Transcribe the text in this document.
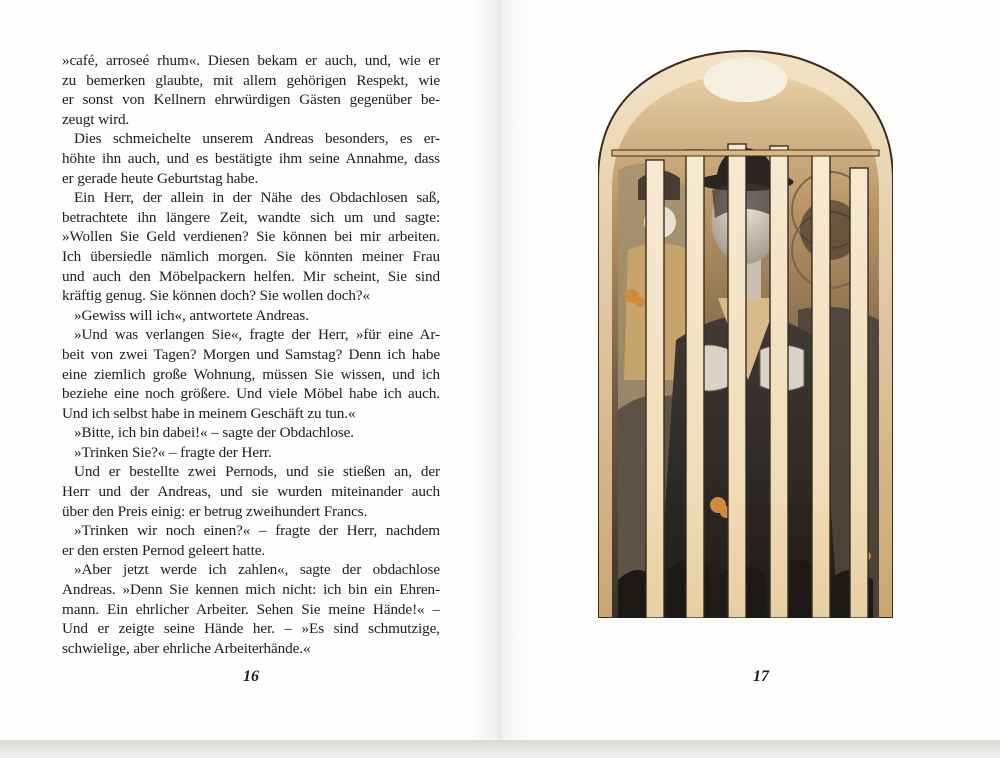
»café, arroseé rhum«. Diesen bekam er auch, und, wie er
zu bemerken glaubte, mit allem gehörigen Respekt, wie
er sonst von Kellnern ehrwürdigen Gästen gegenüber be-
zeugt wird.
Dies schmeichelte unserem Andreas besonders, es er-
höhte ihn auch, und es bestätigte ihm seine Annahme, dass
er gerade heute Geburtstag habe.
Ein Herr, der allein in der Nähe des Obdachlosen saß,
betrachtete ihn längere Zeit, wandte sich um und sagte:
»Wollen Sie Geld verdienen? Sie können bei mir arbeiten.
Ich übersiedle nämlich morgen. Sie könnten meiner Frau
und auch den Möbelpackern helfen. Mir scheint, Sie sind
kräftig genug. Sie können doch? Sie wollen doch?«
»Gewiss will ich«, antwortete Andreas.
»Und was verlangen Sie«, fragte der Herr, »für eine Ar-
beit von zwei Tagen? Morgen und Samstag? Denn ich habe
eine ziemlich große Wohnung, müssen Sie wissen, und ich
beziehe eine noch größere. Und viele Möbel habe ich auch.
Und ich selbst habe in meinem Geschäft zu tun.«
»Bitte, ich bin dabei!« – sagte der Obdachlose.
»Trinken Sie?« – fragte der Herr.
Und er bestellte zwei Pernods, und sie stießen an, der
Herr und der Andreas, und sie wurden miteinander auch
über den Preis einig: er betrug zweihundert Francs.
»Trinken wir noch einen?« – fragte der Herr, nachdem
er den ersten Pernod geleert hatte.
»Aber jetzt werde ich zahlen«, sagte der obdachlose
Andreas. »Denn Sie kennen mich nicht: ich bin ein Ehren-
mann. Ein ehrlicher Arbeiter. Sehen Sie meine Hände!« –
Und er zeigte seine Hände her. – »Es sind schmutzige,
schwielige, aber ehrliche Arbeiterhände.«
16	17
